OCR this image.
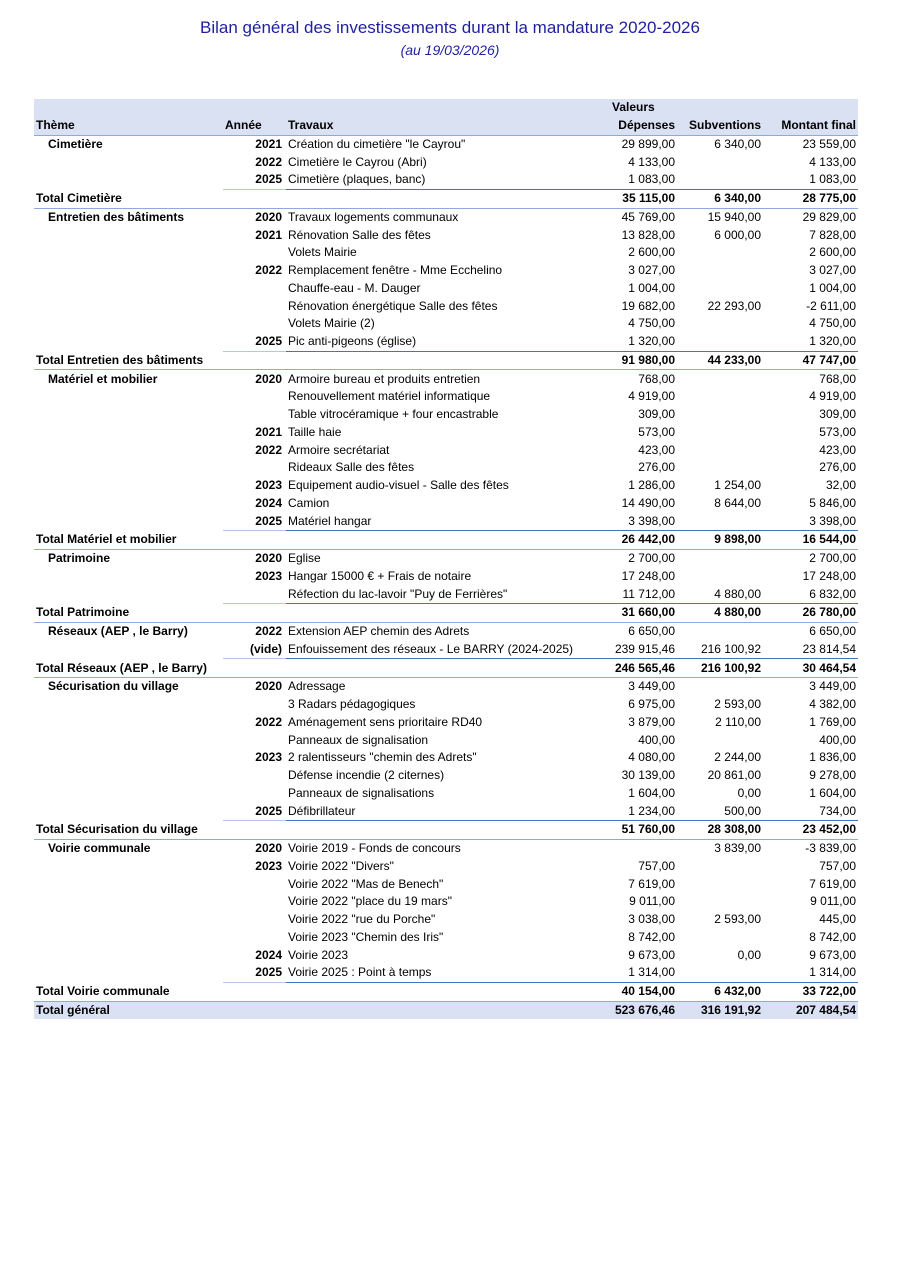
Bilan général des investissements durant la mandature 2020-2026
(au 19/03/2026)
			Valeurs		
Thème	Année	Travaux	Dépenses	Subventions	Montant final
Cimetière	2021	Création du cimetière "le Cayrou"	29 899,00	6 340,00	23 559,00
	2022	Cimetière le Cayrou (Abri)	4 133,00		4 133,00
	2025	Cimetière (plaques, banc)	1 083,00		1 083,00
Total Cimetière			35 115,00	6 340,00	28 775,00
Entretien des bâtiments	2020	Travaux logements communaux	45 769,00	15 940,00	29 829,00
	2021	Rénovation Salle des fêtes	13 828,00	6 000,00	7 828,00
		Volets Mairie	2 600,00		2 600,00
	2022	Remplacement fenêtre - Mme Ecchelino	3 027,00		3 027,00
		Chauffe-eau - M. Dauger	1 004,00		1 004,00
		Rénovation énergétique Salle des fêtes	19 682,00	22 293,00	-2 611,00
		Volets Mairie (2)	4 750,00		4 750,00
	2025	Pic anti-pigeons (église)	1 320,00		1 320,00
Total Entretien des bâtiments			91 980,00	44 233,00	47 747,00
Matériel et mobilier	2020	Armoire bureau et produits entretien	768,00		768,00
		Renouvellement matériel informatique	4 919,00		4 919,00
		Table vitrocéramique + four encastrable	309,00		309,00
	2021	Taille haie	573,00		573,00
	2022	Armoire secrétariat	423,00		423,00
		Rideaux Salle des fêtes	276,00		276,00
	2023	Equipement audio-visuel - Salle des fêtes	1 286,00	1 254,00	32,00
	2024	Camion	14 490,00	8 644,00	5 846,00
	2025	Matériel hangar	3 398,00		3 398,00
Total Matériel et mobilier			26 442,00	9 898,00	16 544,00
Patrimoine	2020	Eglise	2 700,00		2 700,00
	2023	Hangar 15000 € + Frais de notaire	17 248,00		17 248,00
		Réfection du lac-lavoir "Puy de Ferrières"	11 712,00	4 880,00	6 832,00
Total Patrimoine			31 660,00	4 880,00	26 780,00
Réseaux (AEP , le Barry)	2022	Extension AEP chemin des Adrets	6 650,00		6 650,00
	(vide)	Enfouissement des réseaux - Le BARRY (2024-2025)	239 915,46	216 100,92	23 814,54
Total Réseaux (AEP , le Barry)			246 565,46	216 100,92	30 464,54
Sécurisation du village	2020	Adressage	3 449,00		3 449,00
		3 Radars pédagogiques	6 975,00	2 593,00	4 382,00
	2022	Aménagement sens prioritaire RD40	3 879,00	2 110,00	1 769,00
		Panneaux de signalisation	400,00		400,00
	2023	2 ralentisseurs "chemin des Adrets"	4 080,00	2 244,00	1 836,00
		Défense incendie (2 citernes)	30 139,00	20 861,00	9 278,00
		Panneaux de signalisations	1 604,00	0,00	1 604,00
	2025	Défibrillateur	1 234,00	500,00	734,00
Total Sécurisation du village			51 760,00	28 308,00	23 452,00
Voirie communale	2020	Voirie 2019 - Fonds de concours		3 839,00	-3 839,00
	2023	Voirie 2022 "Divers"	757,00		757,00
		Voirie 2022 "Mas de Benech"	7 619,00		7 619,00
		Voirie 2022 "place du 19 mars"	9 011,00		9 011,00
		Voirie 2022 "rue du Porche"	3 038,00	2 593,00	445,00
		Voirie 2023 "Chemin des Iris"	8 742,00		8 742,00
	2024	Voirie 2023	9 673,00	0,00	9 673,00
	2025	Voirie 2025 : Point à temps	1 314,00		1 314,00
Total Voirie communale			40 154,00	6 432,00	33 722,00
Total général			523 676,46	316 191,92	207 484,54
